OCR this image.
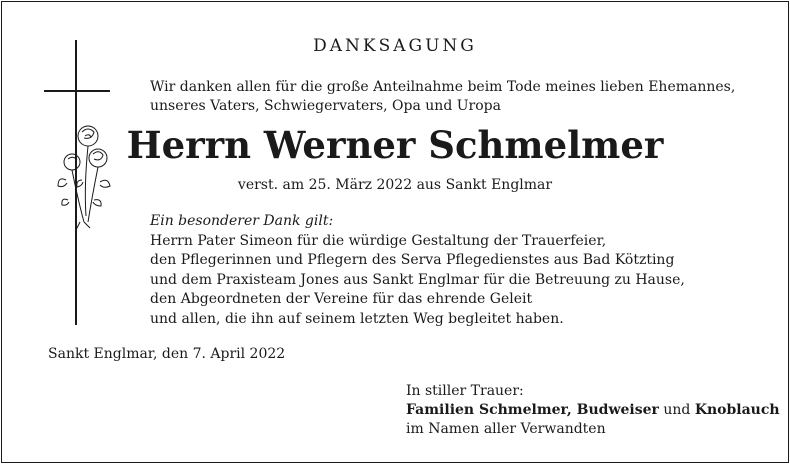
DANKSAGUNG
Wir danken allen für die große Anteilnahme beim Tode meines lieben Ehemannes,
unseres Vaters, Schwiegervaters, Opa und Uropa
Herrn Werner Schmelmer
verst. am 25. März 2022 aus Sankt Englmar
Ein besonderer Dank gilt:
Herrn Pater Simeon für die würdige Gestaltung der Trauerfeier,
den Pflegerinnen und Pflegern des Serva Pflegedienstes aus Bad Kötzting
und dem Praxisteam Jones aus Sankt Englmar für die Betreuung zu Hause,
den Abgeordneten der Vereine für das ehrende Geleit
und allen, die ihn auf seinem letzten Weg begleitet haben.
Sankt Englmar, den 7. April 2022
In stiller Trauer:
Familien Schmelmer, Budweiser und Knoblauch
im Namen aller Verwandten
